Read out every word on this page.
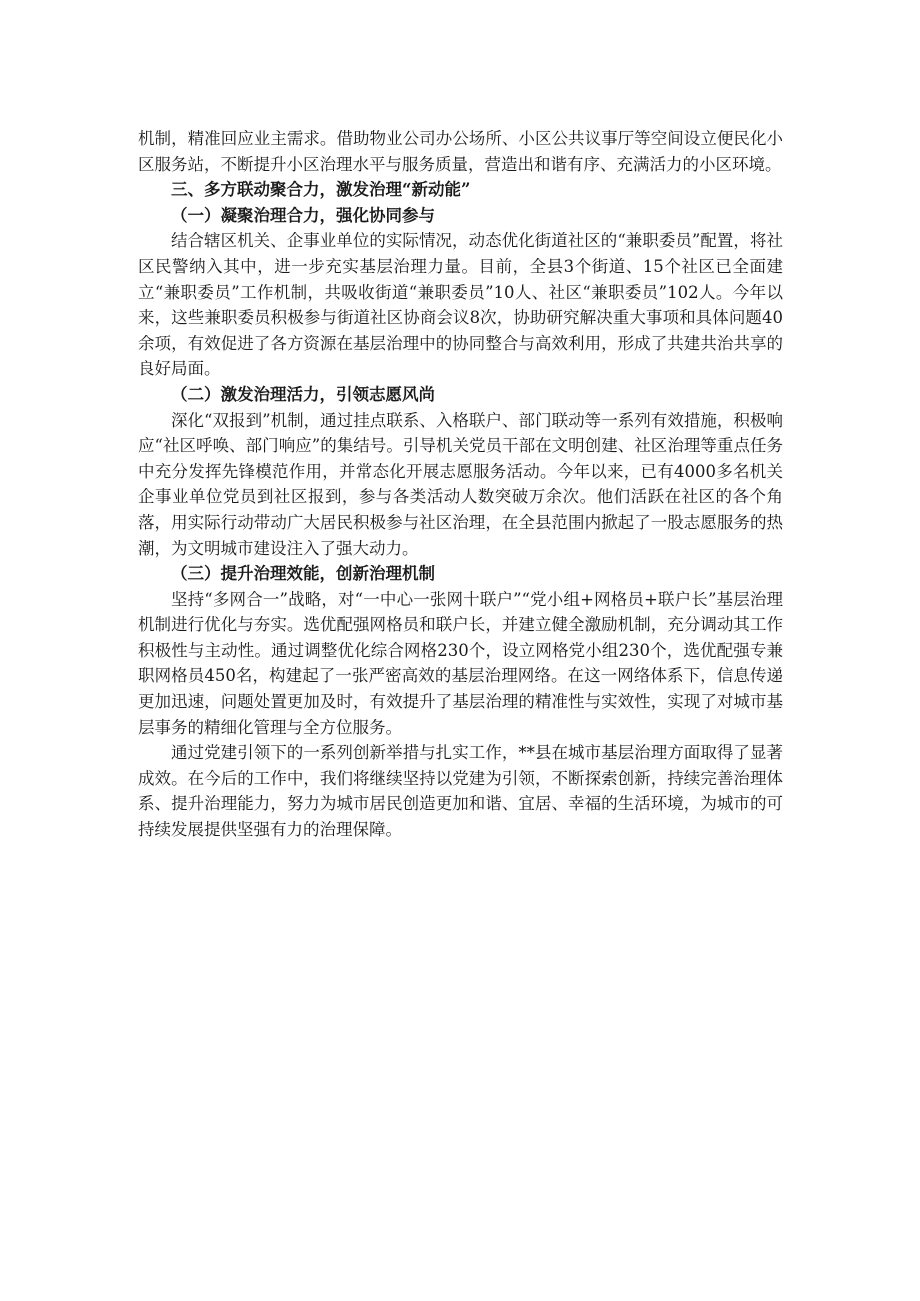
机制，精准回应业主需求。借助物业公司办公场所、小区公共议事厅等空间设立便民化小区服务站，不断提升小区治理水平与服务质量，营造出和谐有序、充满活力的小区环境。

三、多方联动聚合力，激发治理“新动能”

（一）凝聚治理合力，强化协同参与

结合辖区机关、企事业单位的实际情况，动态优化街道社区的“兼职委员”配置，将社区民警纳入其中，进一步充实基层治理力量。目前，全县3个街道、15个社区已全面建立“兼职委员”工作机制，共吸收街道“兼职委员”10人、社区“兼职委员”102人。今年以来，这些兼职委员积极参与街道社区协商会议8次，协助研究解决重大事项和具体问题40余项，有效促进了各方资源在基层治理中的协同整合与高效利用，形成了共建共治共享的良好局面。

（二）激发治理活力，引领志愿风尚

深化“双报到”机制，通过挂点联系、入格联户、部门联动等一系列有效措施，积极响应“社区呼唤、部门响应”的集结号。引导机关党员干部在文明创建、社区治理等重点任务中充分发挥先锋模范作用，并常态化开展志愿服务活动。今年以来，已有4000多名机关企事业单位党员到社区报到，参与各类活动人数突破万余次。他们活跃在社区的各个角落，用实际行动带动广大居民积极参与社区治理，在全县范围内掀起了一股志愿服务的热潮，为文明城市建设注入了强大动力。

（三）提升治理效能，创新治理机制

坚持“多网合一”战略，对“一中心一张网十联户”“党小组+网格员+联户长”基层治理机制进行优化与夯实。选优配强网格员和联户长，并建立健全激励机制，充分调动其工作积极性与主动性。通过调整优化综合网格230个，设立网格党小组230个，选优配强专兼职网格员450名，构建起了一张严密高效的基层治理网络。在这一网络体系下，信息传递更加迅速，问题处置更加及时，有效提升了基层治理的精准性与实效性，实现了对城市基层事务的精细化管理与全方位服务。

通过党建引领下的一系列创新举措与扎实工作，**县在城市基层治理方面取得了显著成效。在今后的工作中，我们将继续坚持以党建为引领，不断探索创新，持续完善治理体系、提升治理能力，努力为城市居民创造更加和谐、宜居、幸福的生活环境，为城市的可持续发展提供坚强有力的治理保障。
